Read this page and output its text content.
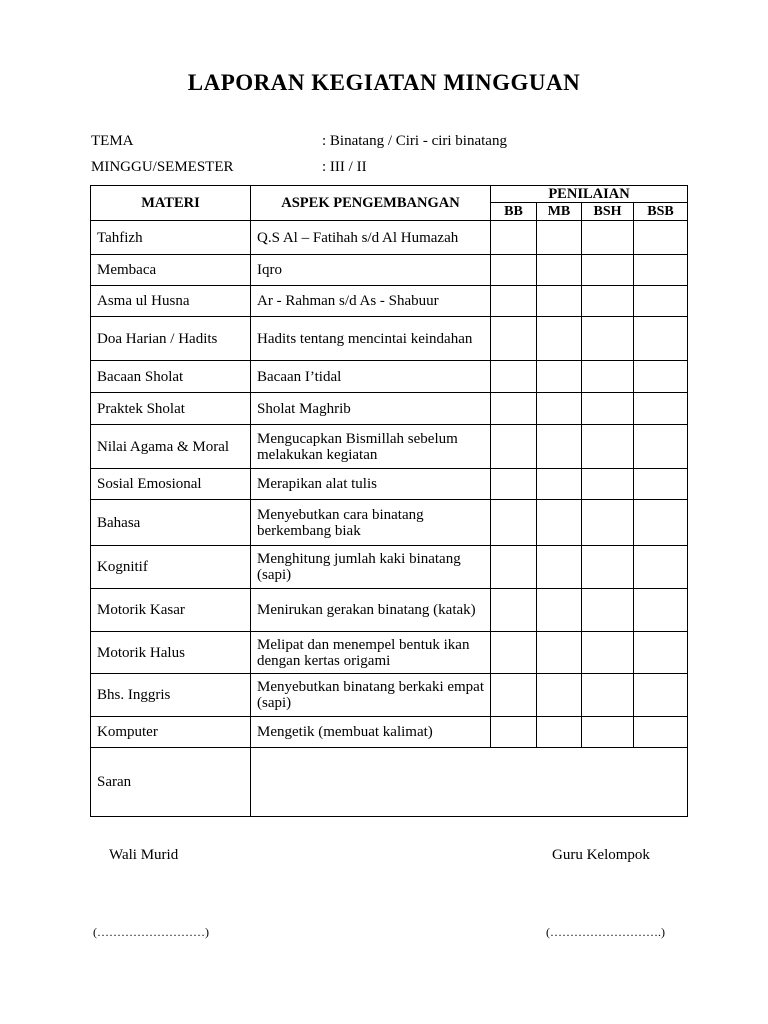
LAPORAN KEGIATAN MINGGUAN
TEMA	: Binatang / Ciri - ciri binatang
MINGGU/SEMESTER	: III / II
MATERI	ASPEK PENGEMBANGAN	PENILAIAN			
		BB	MB	BSH	BSB
Tahfizh	Q.S Al – Fatihah s/d Al Humazah				
Membaca	Iqro				
Asma ul Husna	Ar - Rahman s/d As - Shabuur				
Doa Harian / Hadits	Hadits tentang mencintai keindahan				
Bacaan Sholat	Bacaan I’tidal				
Praktek Sholat	Sholat Maghrib				
Nilai Agama & Moral	Mengucapkan Bismillah sebelum melakukan kegiatan				
Sosial Emosional	Merapikan alat tulis				
Bahasa	Menyebutkan cara binatang berkembang biak				
Kognitif	Menghitung jumlah kaki binatang (sapi)				
Motorik Kasar	Menirukan gerakan binatang (katak)				
Motorik Halus	Melipat dan menempel bentuk ikan dengan kertas origami				
Bhs. Inggris	Menyebutkan binatang berkaki empat (sapi)				
Komputer	Mengetik (membuat kalimat)				
Saran					
Wali Murid	Guru Kelompok
(………………………)	(……………………….)
